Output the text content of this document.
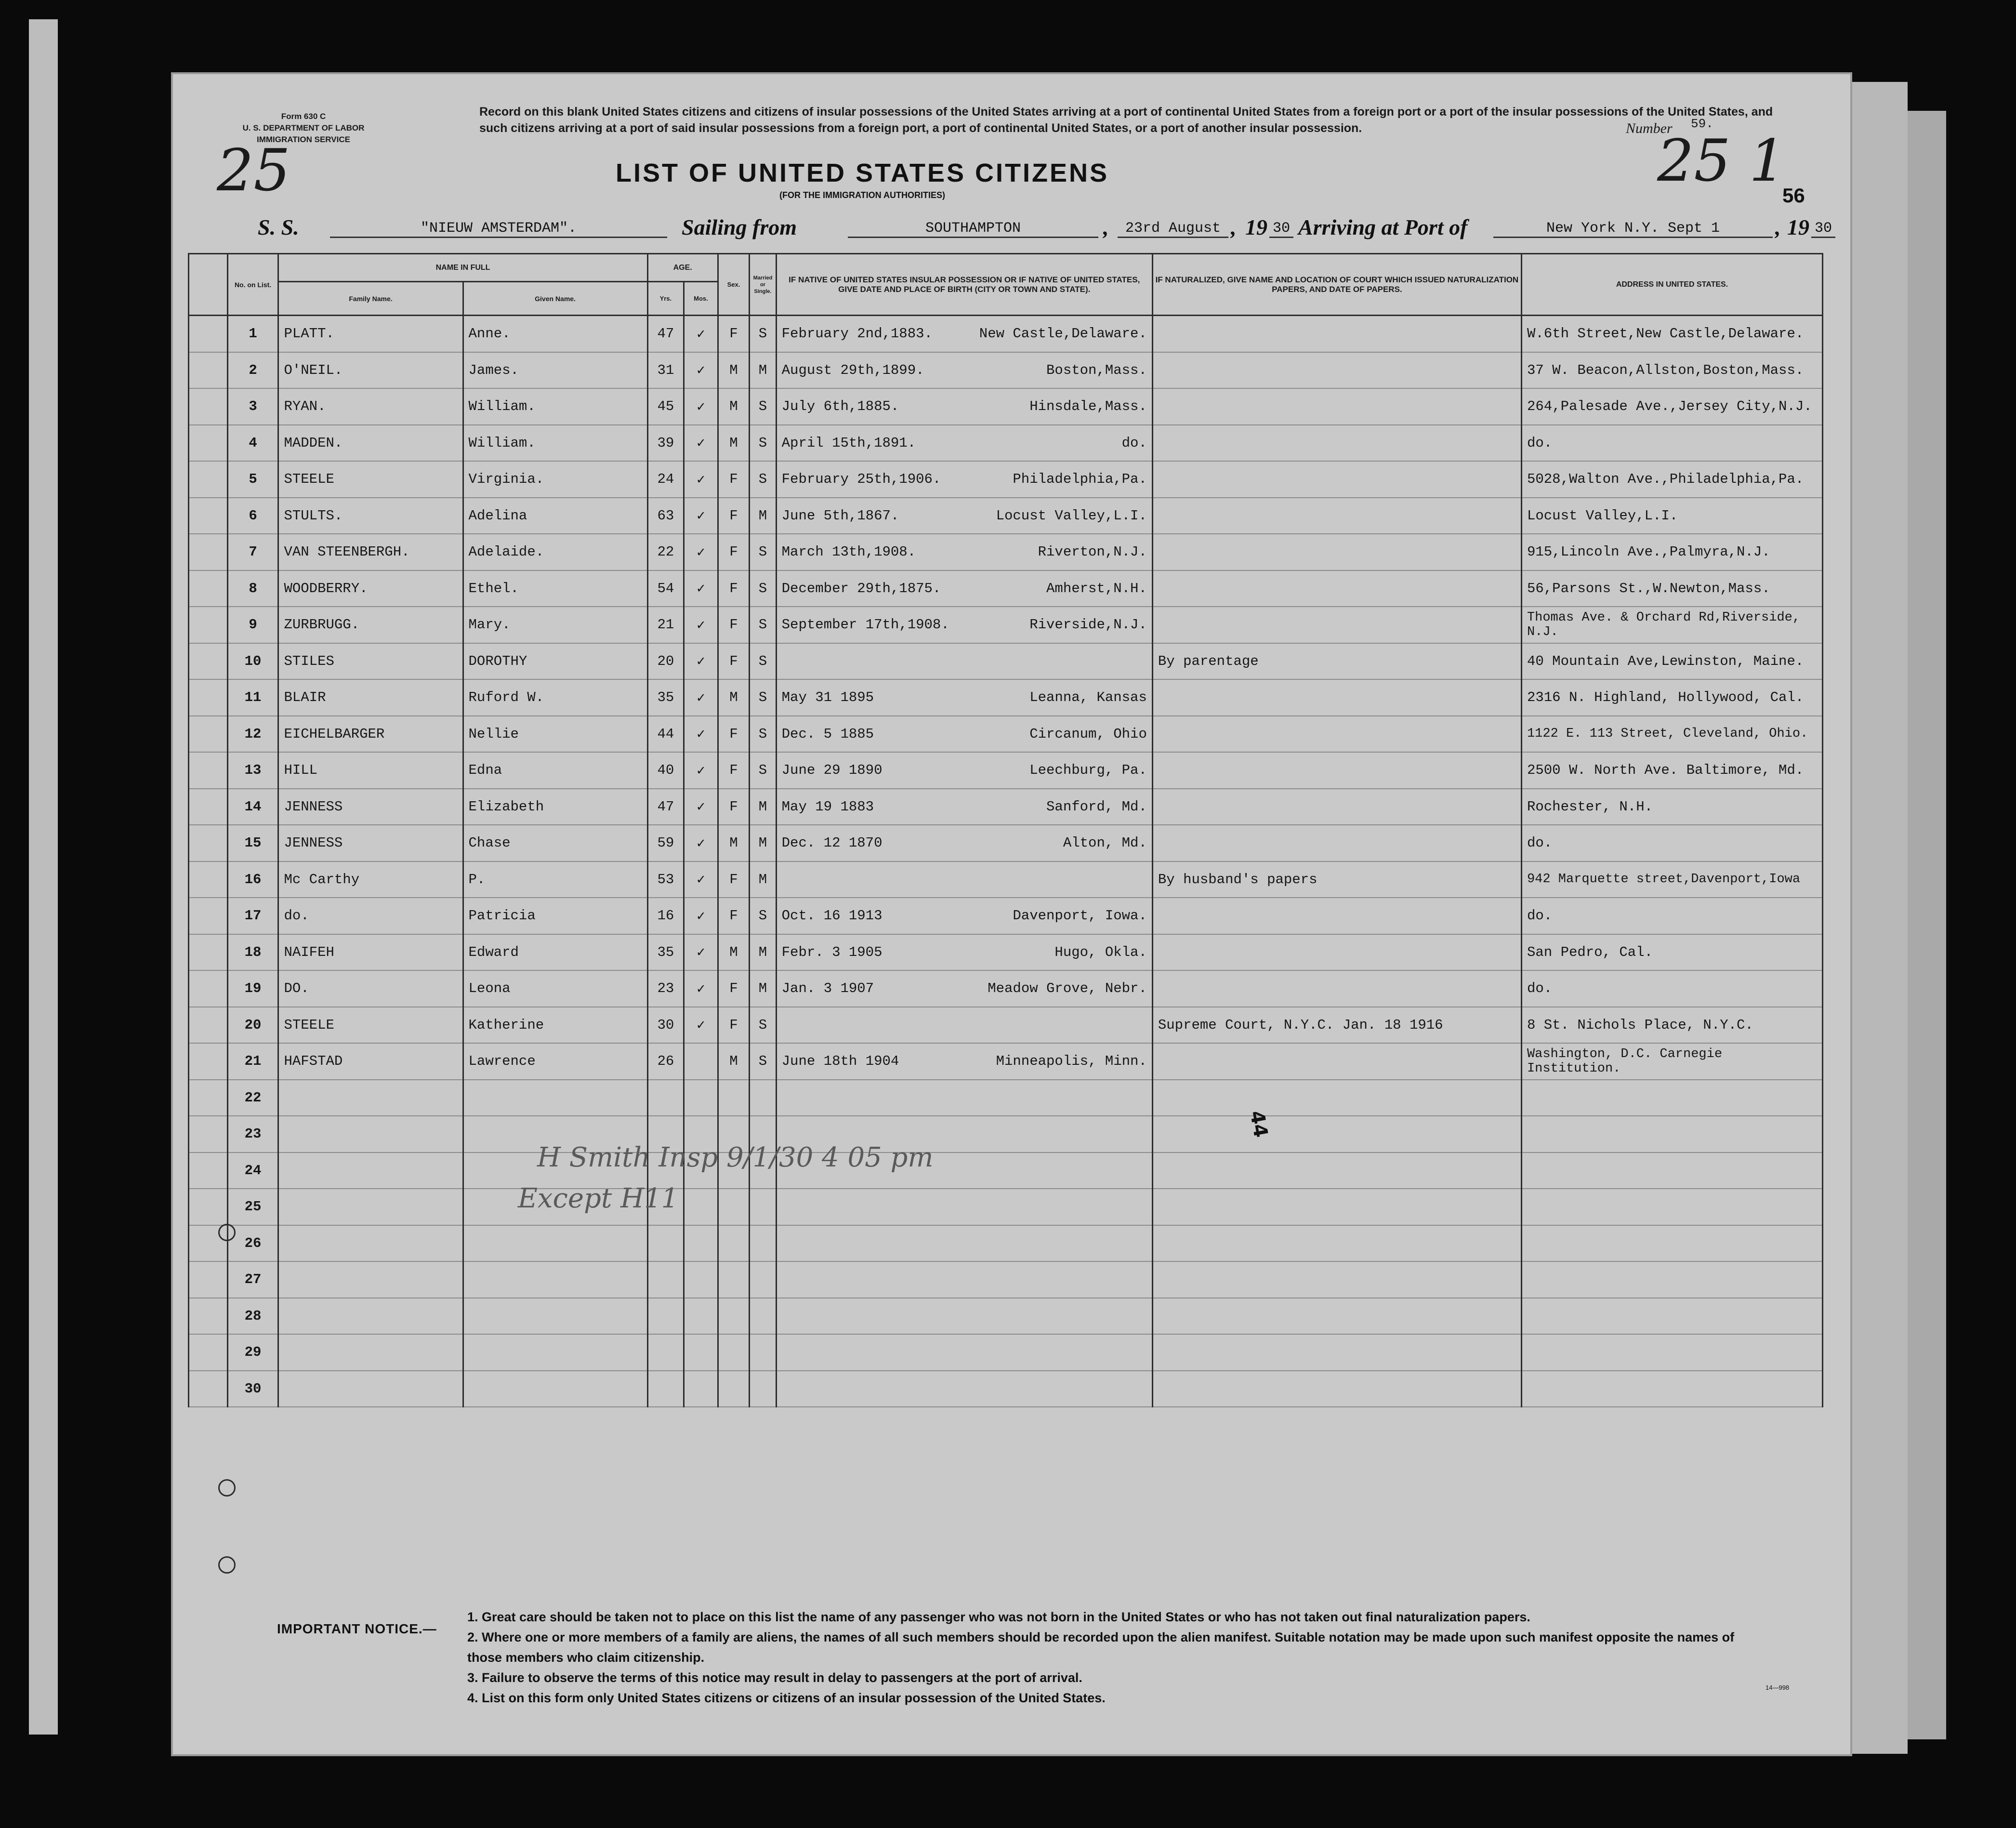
Form 630 C
U. S. DEPARTMENT OF LABOR
IMMIGRATION SERVICE
Record on this blank United States citizens and citizens of insular possessions of the United States arriving at a port of continental United States from a foreign port or a port of the insular possessions of the United States, and such citizens arriving at a port of said insular possessions from a foreign port, a port of continental United States, or a port of another insular possession.
25
Number 59.
25 1
56
LIST OF UNITED STATES CITIZENS
(FOR THE IMMIGRATION AUTHORITIES)
S. S.	"NIEUW AMSTERDAM".	Sailing from	SOUTHAMPTON	,	23rd August , 19 30 Arriving at Port of	New York N.Y. Sept 1	, 19 30
	No. on List.	NAME IN FULL		AGE.		Sex.	Married or Single.	IF NATIVE OF UNITED STATES INSULAR POSSESSION OR IF NATIVE OF UNITED STATES, GIVE DATE AND PLACE OF BIRTH (CITY OR TOWN AND STATE).	IF NATURALIZED, GIVE NAME AND LOCATION OF COURT WHICH ISSUED NATURALIZATION PAPERS, AND DATE OF PAPERS.	ADDRESS IN UNITED STATES.
		Family Name.	Given Name.	Yrs.	Mos.					
	1	PLATT.	Anne.	47	✓	F	S	February 2nd,1883. New Castle,Delaware.		W.6th Street,New Castle,Delaware.
	2	O'NEIL.	James.	31	✓	M	M	August 29th,1899. Boston,Mass.		37 W. Beacon,Allston,Boston,Mass.
	3	RYAN.	William.	45	✓	M	S	July 6th,1885. Hinsdale,Mass.		264,Palesade Ave.,Jersey City,N.J.
	4	MADDEN.	William.	39	✓	M	S	April 15th,1891. do.		do.
	5	STEELE	Virginia.	24	✓	F	S	February 25th,1906. Philadelphia,Pa.		5028,Walton Ave.,Philadelphia,Pa.
	6	STULTS.	Adelina	63	✓	F	M	June 5th,1867. Locust Valley,L.I.		Locust Valley,L.I.
	7	VAN STEENBERGH.	Adelaide.	22	✓	F	S	March 13th,1908. Riverton,N.J.		915,Lincoln Ave.,Palmyra,N.J.
	8	WOODBERRY.	Ethel.	54	✓	F	S	December 29th,1875. Amherst,N.H.		56,Parsons St.,W.Newton,Mass.
	9	ZURBRUGG.	Mary.	21	✓	F	S	September 17th,1908. Riverside,N.J.		Thomas Ave. & Orchard Rd,Riverside, N.J.
	10	STILES	DOROTHY	20	✓	F	S		By parentage	40 Mountain Ave,Lewinston, Maine.
	11	BLAIR	Ruford W.	35	✓	M	S	May 31 1895 Leanna, Kansas		2316 N. Highland, Hollywood, Cal.
	12	EICHELBARGER	Nellie	44	✓	F	S	Dec. 5 1885 Circanum, Ohio		1122 E. 113 Street, Cleveland, Ohio.
	13	HILL	Edna	40	✓	F	S	June 29 1890 Leechburg, Pa.		2500 W. North Ave. Baltimore, Md.
	14	JENNESS	Elizabeth	47	✓	F	M	May 19 1883 Sanford, Md.		Rochester, N.H.
	15	JENNESS	Chase	59	✓	M	M	Dec. 12 1870 Alton, Md.		do.
	16	Mc Carthy	P.	53	✓	F	M		By husband's papers	942 Marquette street,Davenport,Iowa
	17	do.	Patricia	16	✓	F	S	Oct. 16 1913 Davenport, Iowa.		do.
	18	NAIFEH	Edward	35	✓	M	M	Febr. 3 1905 Hugo, Okla.		San Pedro, Cal.
	19	DO.	Leona	23	✓	F	M	Jan. 3 1907 Meadow Grove, Nebr.		do.
	20	STEELE	Katherine	30	✓	F	S		Supreme Court, N.Y.C. Jan. 18 1916	8 St. Nichols Place, N.Y.C.
	21	HAFSTAD	Lawrence	26		M	S	June 18th 1904 Minneapolis, Minn.		Washington, D.C. Carnegie Institution.
	22							

	23							

	24							

	25							

	26							

	27							

	28							

	29							

	30							

H Smith Insp 9/1/30 4 05 pm
Except H11
44
IMPORTANT NOTICE.—
1. Great care should be taken not to place on this list the name of any passenger who was not born in the United States or who has not taken out final naturalization papers.
2. Where one or more members of a family are aliens, the names of all such members should be recorded upon the alien manifest. Suitable notation may be made upon such manifest opposite the names of those members who claim citizenship.
3. Failure to observe the terms of this notice may result in delay to passengers at the port of arrival.
4. List on this form only United States citizens or citizens of an insular possession of the United States.
14—998
